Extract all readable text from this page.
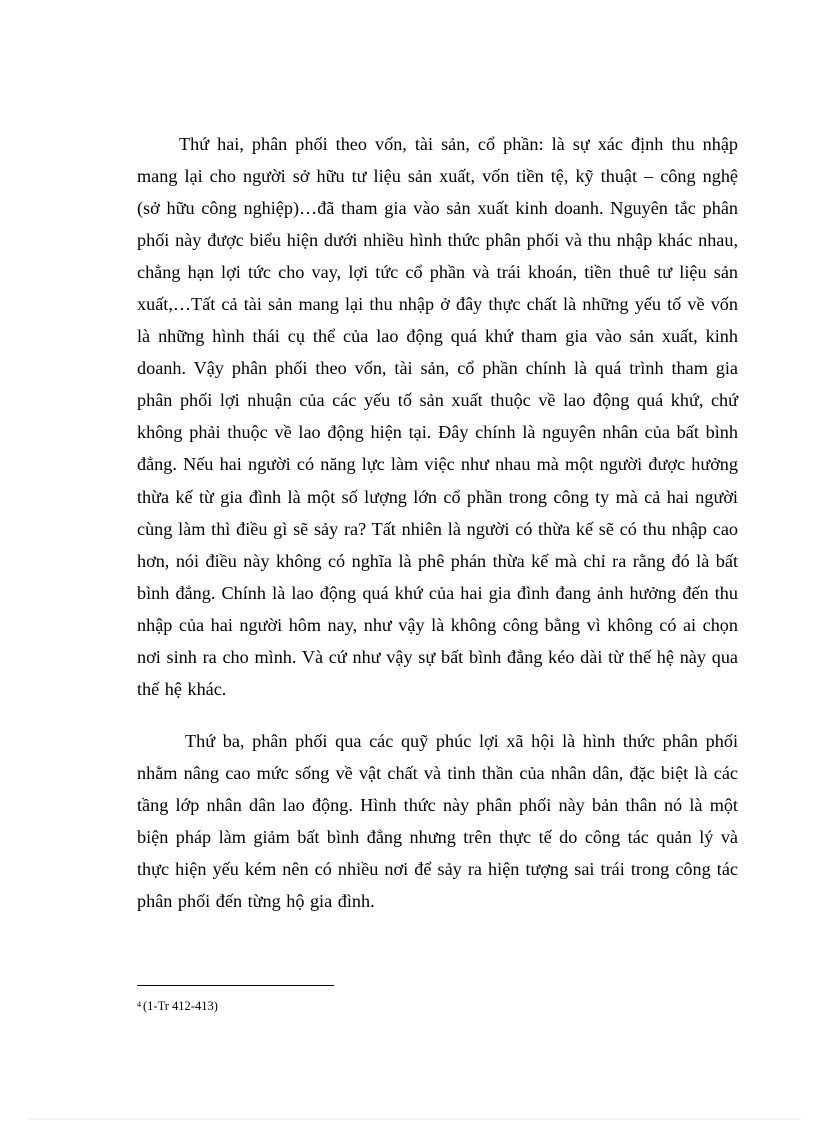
Thứ hai, phân phối theo vốn, tài sản, cổ phần: là sự xác định thu nhập mang lại cho người sở hữu tư liệu sản xuất, vốn tiền tệ, kỹ thuật – công nghệ (sở hữu công nghiệp)…đã tham gia vào sản xuất kinh doanh. Nguyên tắc phân phối này được biểu hiện dưới nhiều hình thức phân phối và thu nhập khác nhau, chẳng hạn lợi tức cho vay, lợi tức cổ phần và trái khoán, tiền thuê tư liệu sản xuất,…Tất cả tài sản mang lại thu nhập ở đây thực chất là những yếu tố về vốn là những hình thái cụ thể của lao động quá khứ tham gia vào sản xuất, kinh doanh. Vậy phân phối theo vốn, tài sản, cổ phần chính là quá trình tham gia phân phối lợi nhuận của các yếu tố sản xuất thuộc về lao động quá khứ, chứ không phải thuộc về lao động hiện tại. Đây chính là nguyên nhân của bất bình đẳng. Nếu hai người có năng lực làm việc như nhau mà một người được hưởng thừa kế từ gia đình là một số lượng lớn cổ phần trong công ty mà cả hai người cùng làm thì điều gì sẽ sảy ra? Tất nhiên là người có thừa kế sẽ có thu nhập cao hơn, nói điều này không có nghĩa là phê phán thừa kế mà chỉ ra rằng đó là bất bình đẳng. Chính là lao động quá khứ của hai gia đình đang ảnh hưởng đến thu nhập của hai người hôm nay, như vậy là không công bằng vì không có ai chọn nơi sinh ra cho mình. Và cứ như vậy sự bất bình đẳng kéo dài từ thế hệ này qua thế hệ khác.

Thứ ba, phân phối qua các quỹ phúc lợi xã hội là hình thức phân phối nhằm nâng cao mức sống về vật chất và tinh thần của nhân dân, đặc biệt là các tầng lớp nhân dân lao động. Hình thức này phân phối này bản thân nó là một biện pháp làm giảm bất bình đẳng nhưng trên thực tế do công tác quản lý và thực hiện yếu kém nên có nhiều nơi để sảy ra hiện tượng sai trái trong công tác phân phối đến từng hộ gia đình.

$^4$ (1-Tr 412-413)
